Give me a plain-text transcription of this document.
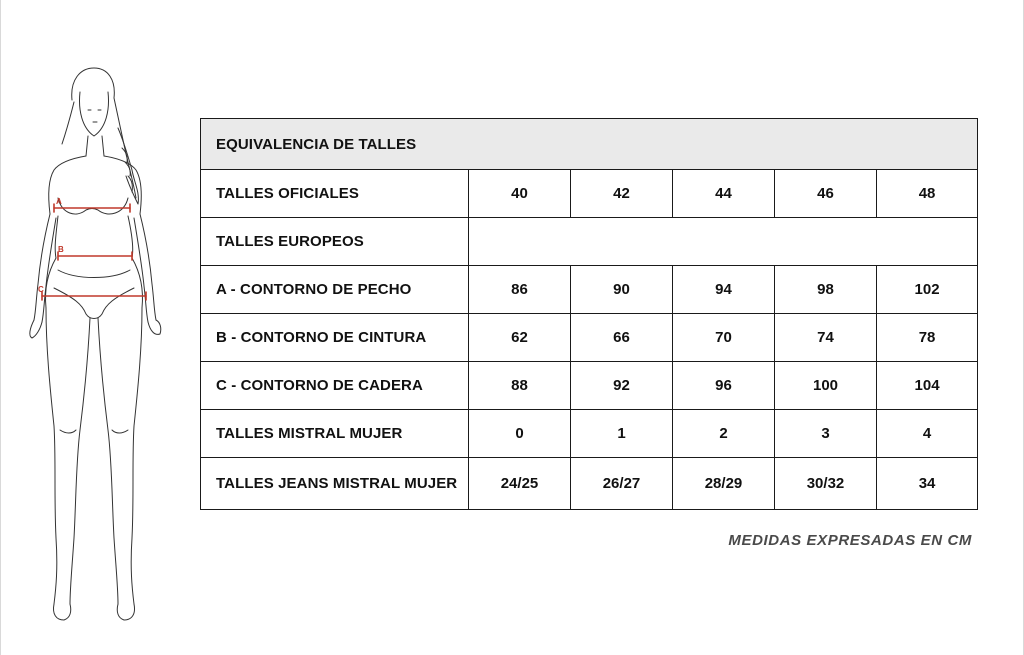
A
B
C
EQUIVALENCIA DE TALLES					
TALLES OFICIALES	40	42	44	46	48
TALLES EUROPEOS					
A - CONTORNO DE PECHO	86	90	94	98	102
B - CONTORNO DE CINTURA	62	66	70	74	78
C - CONTORNO DE CADERA	88	92	96	100	104
TALLES MISTRAL MUJER	0	1	2	3	4
TALLES JEANS MISTRAL MUJER	24/25	26/27	28/29	30/32	34
MEDIDAS EXPRESADAS EN CM
